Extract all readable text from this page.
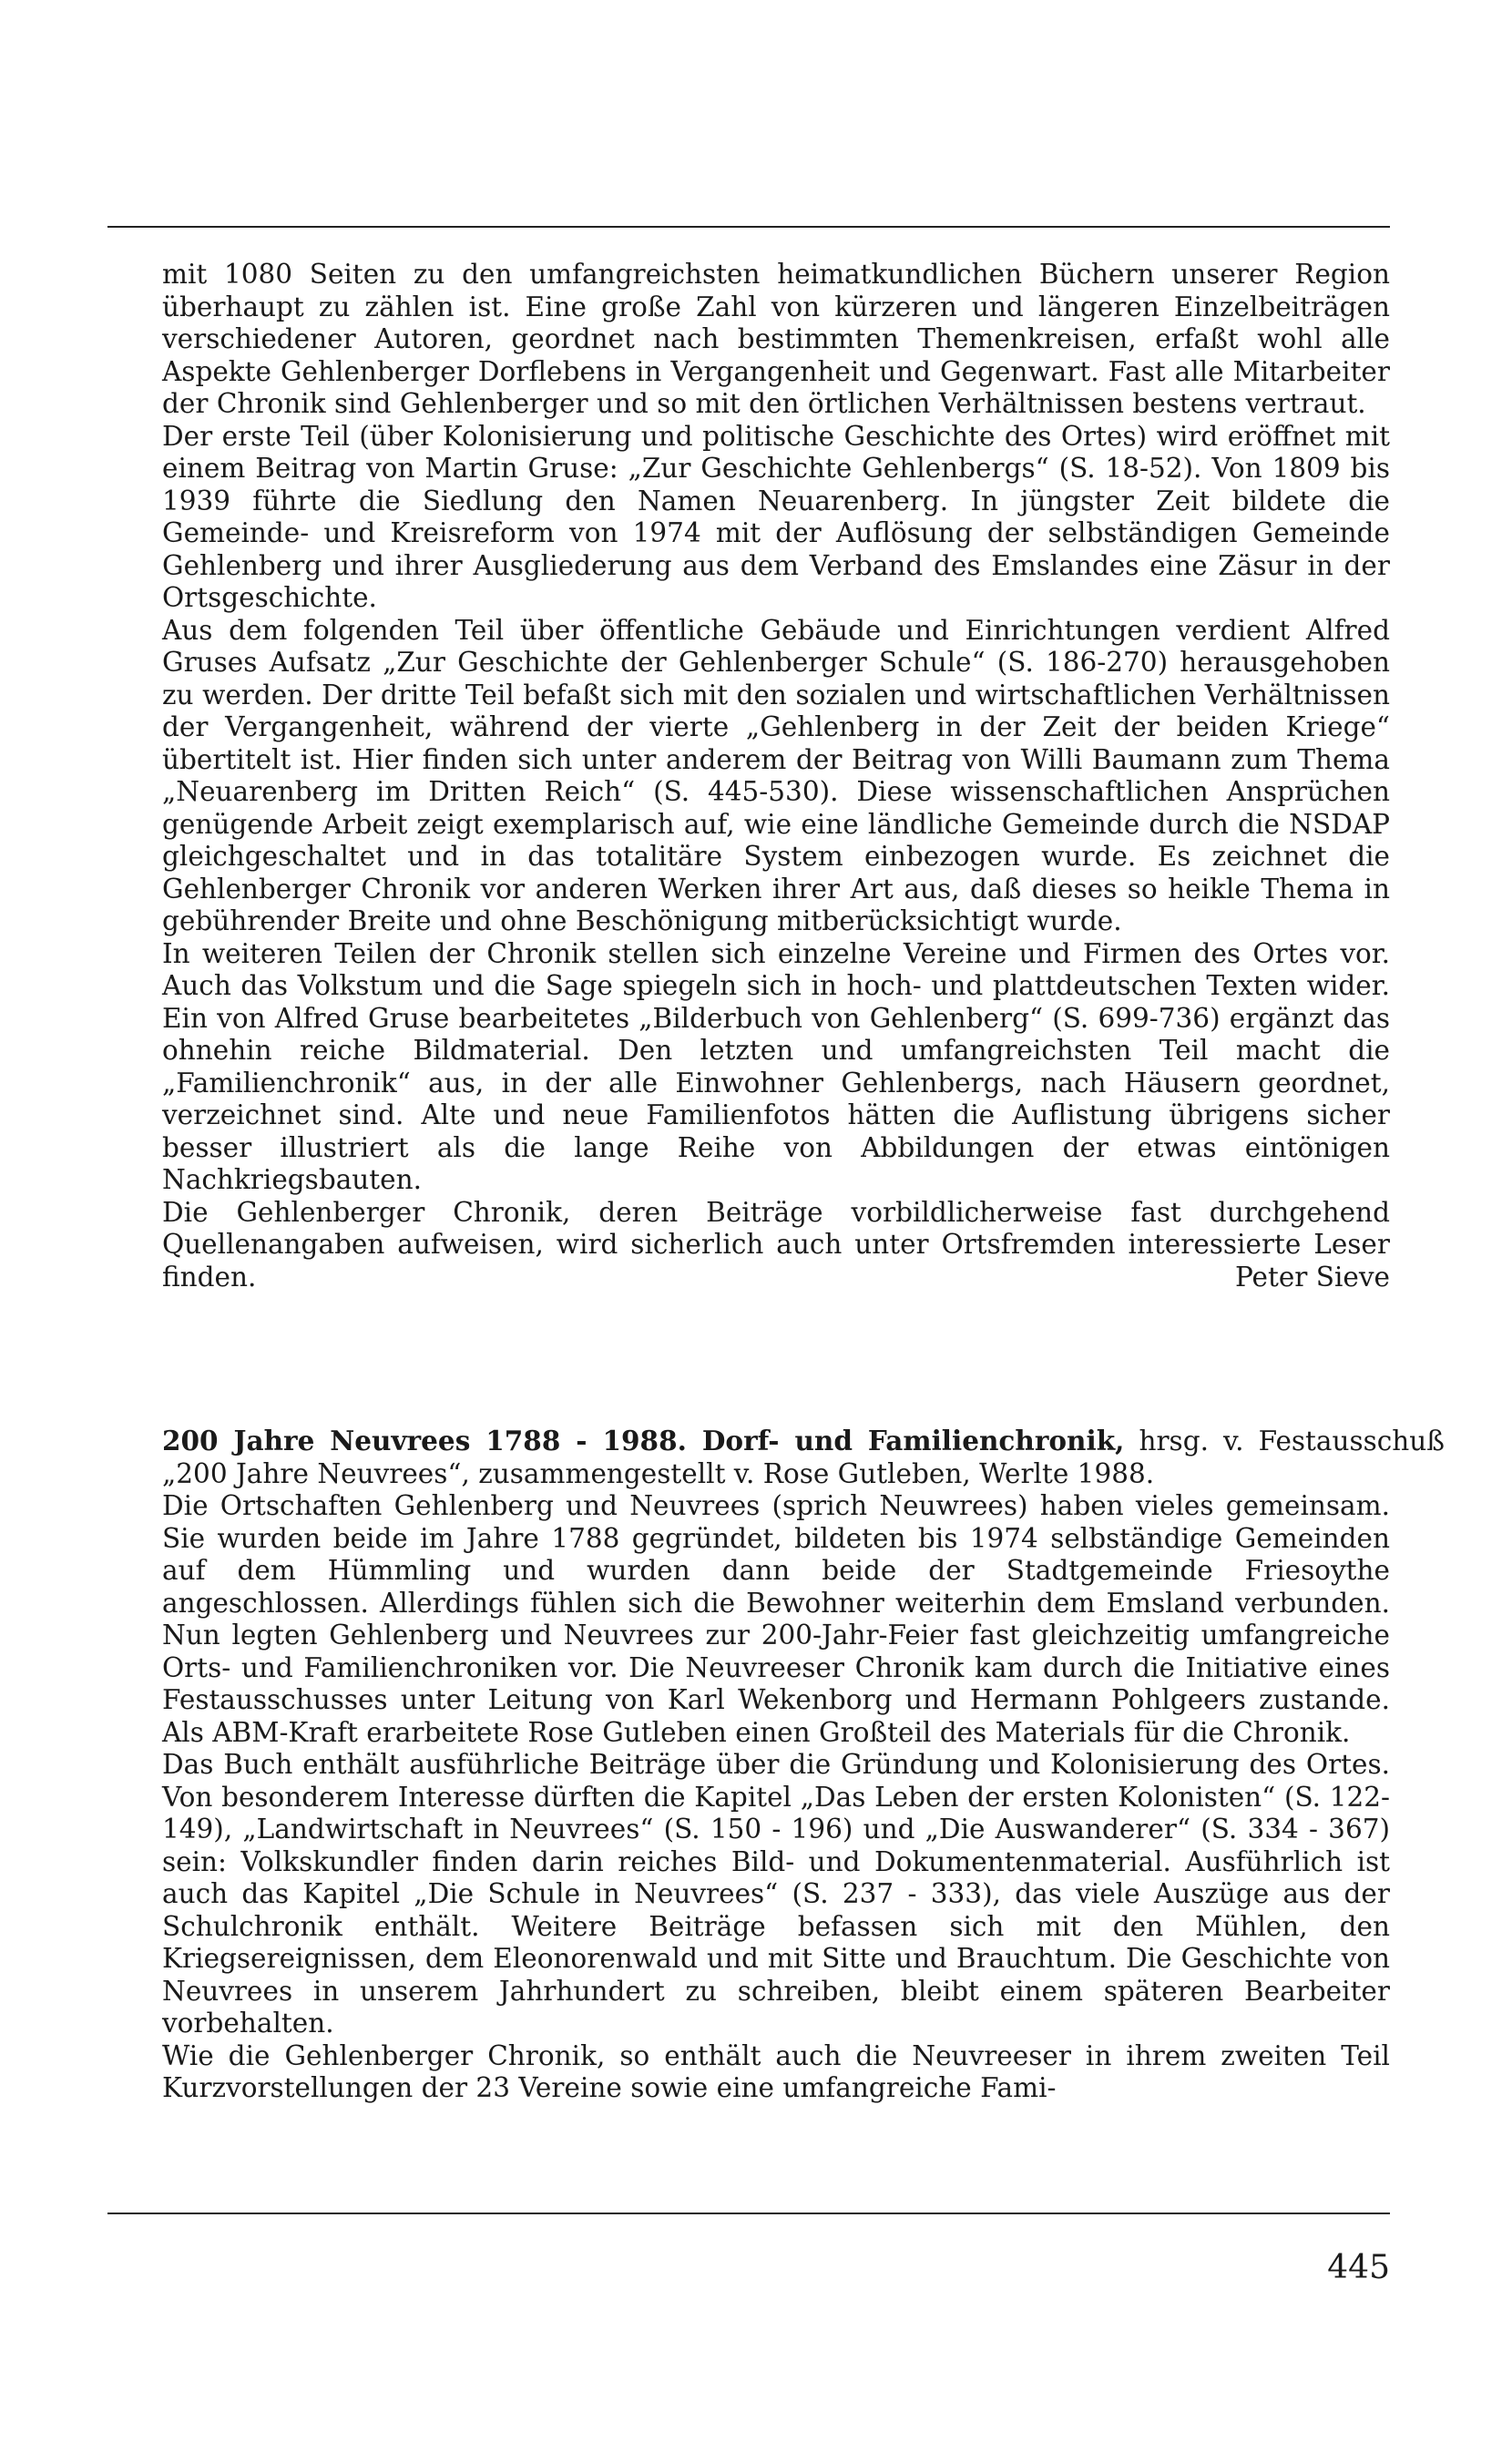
mit 1080 Seiten zu den umfangreichsten heimatkundlichen Büchern unserer Region überhaupt zu zählen ist. Eine große Zahl von kürzeren und längeren Einzelbeiträgen verschiedener Autoren, geordnet nach bestimmten Themenkreisen, erfaßt wohl alle Aspekte Gehlenberger Dorflebens in Vergangenheit und Gegenwart. Fast alle Mitarbeiter der Chronik sind Gehlenberger und so mit den örtlichen Verhältnissen bestens vertraut.

Der erste Teil (über Kolonisierung und politische Geschichte des Ortes) wird eröffnet mit einem Beitrag von Martin Gruse: „Zur Geschichte Gehlenbergs“ (S. 18-52). Von 1809 bis 1939 führte die Siedlung den Namen Neuarenberg. In jüngster Zeit bildete die Gemeinde- und Kreisreform von 1974 mit der Auflösung der selbständigen Gemeinde Gehlenberg und ihrer Ausgliederung aus dem Verband des Emslandes eine Zäsur in der Ortsgeschichte.

Aus dem folgenden Teil über öffentliche Gebäude und Einrichtungen verdient Alfred Gruses Aufsatz „Zur Geschichte der Gehlenberger Schule“ (S. 186-270) herausgehoben zu werden. Der dritte Teil befaßt sich mit den sozialen und wirtschaftlichen Verhältnissen der Vergangenheit, während der vierte „Gehlenberg in der Zeit der beiden Kriege“ übertitelt ist. Hier finden sich unter anderem der Beitrag von Willi Baumann zum Thema „Neuarenberg im Dritten Reich“ (S. 445-530). Diese wissenschaftlichen Ansprüchen genügende Arbeit zeigt exemplarisch auf, wie eine ländliche Gemeinde durch die NSDAP gleichgeschaltet und in das totalitäre System einbezogen wurde. Es zeichnet die Gehlenberger Chronik vor anderen Werken ihrer Art aus, daß dieses so heikle Thema in gebührender Breite und ohne Beschönigung mitberücksichtigt wurde.

In weiteren Teilen der Chronik stellen sich einzelne Vereine und Firmen des Ortes vor. Auch das Volkstum und die Sage spiegeln sich in hoch- und plattdeutschen Texten wider. Ein von Alfred Gruse bearbeitetes „Bilderbuch von Gehlenberg“ (S. 699-736) ergänzt das ohnehin reiche Bildmaterial. Den letzten und umfangreichsten Teil macht die „Familienchronik“ aus, in der alle Einwohner Gehlenbergs, nach Häusern geordnet, verzeichnet sind. Alte und neue Familienfotos hätten die Auflistung übrigens sicher besser illustriert als die lange Reihe von Abbildungen der etwas eintönigen Nachkriegsbauten.

Die Gehlenberger Chronik, deren Beiträge vorbildlicherweise fast durchgehend Quellenangaben aufweisen, wird sicherlich auch unter Ortsfremden interessierte Leser finden.	Peter Sieve

200 Jahre Neuvrees 1788 - 1988. Dorf- und Familienchronik, hrsg. v. Festausschuß „200 Jahre Neuvrees“, zusammengestellt v. Rose Gutleben, Werlte 1988.

Die Ortschaften Gehlenberg und Neuvrees (sprich Neuwrees) haben vieles gemeinsam. Sie wurden beide im Jahre 1788 gegründet, bildeten bis 1974 selbständige Gemeinden auf dem Hümmling und wurden dann beide der Stadtgemeinde Friesoythe angeschlossen. Allerdings fühlen sich die Bewohner weiterhin dem Emsland verbunden. Nun legten Gehlenberg und Neuvrees zur 200-Jahr-Feier fast gleichzeitig umfangreiche Orts- und Familienchroniken vor. Die Neuvreeser Chronik kam durch die Initiative eines Festausschusses unter Leitung von Karl Wekenborg und Hermann Pohlgeers zustande. Als ABM-Kraft erarbeitete Rose Gutleben einen Großteil des Materials für die Chronik.

Das Buch enthält ausführliche Beiträge über die Gründung und Kolonisierung des Ortes. Von besonderem Interesse dürften die Kapitel „Das Leben der ersten Kolonisten“ (S. 122- 149), „Landwirtschaft in Neuvrees“ (S. 150 - 196) und „Die Auswanderer“ (S. 334 - 367) sein: Volkskundler finden darin reiches Bild- und Dokumentenmaterial. Ausführlich ist auch das Kapitel „Die Schule in Neuvrees“ (S. 237 - 333), das viele Auszüge aus der Schulchronik enthält. Weitere Beiträge befassen sich mit den Mühlen, den Kriegsereignissen, dem Eleonorenwald und mit Sitte und Brauchtum. Die Geschichte von Neuvrees in unserem Jahrhundert zu schreiben, bleibt einem späteren Bearbeiter vorbehalten.

Wie die Gehlenberger Chronik, so enthält auch die Neuvreeser in ihrem zweiten Teil Kurzvorstellungen der 23 Vereine sowie eine umfangreiche Fami-

445
